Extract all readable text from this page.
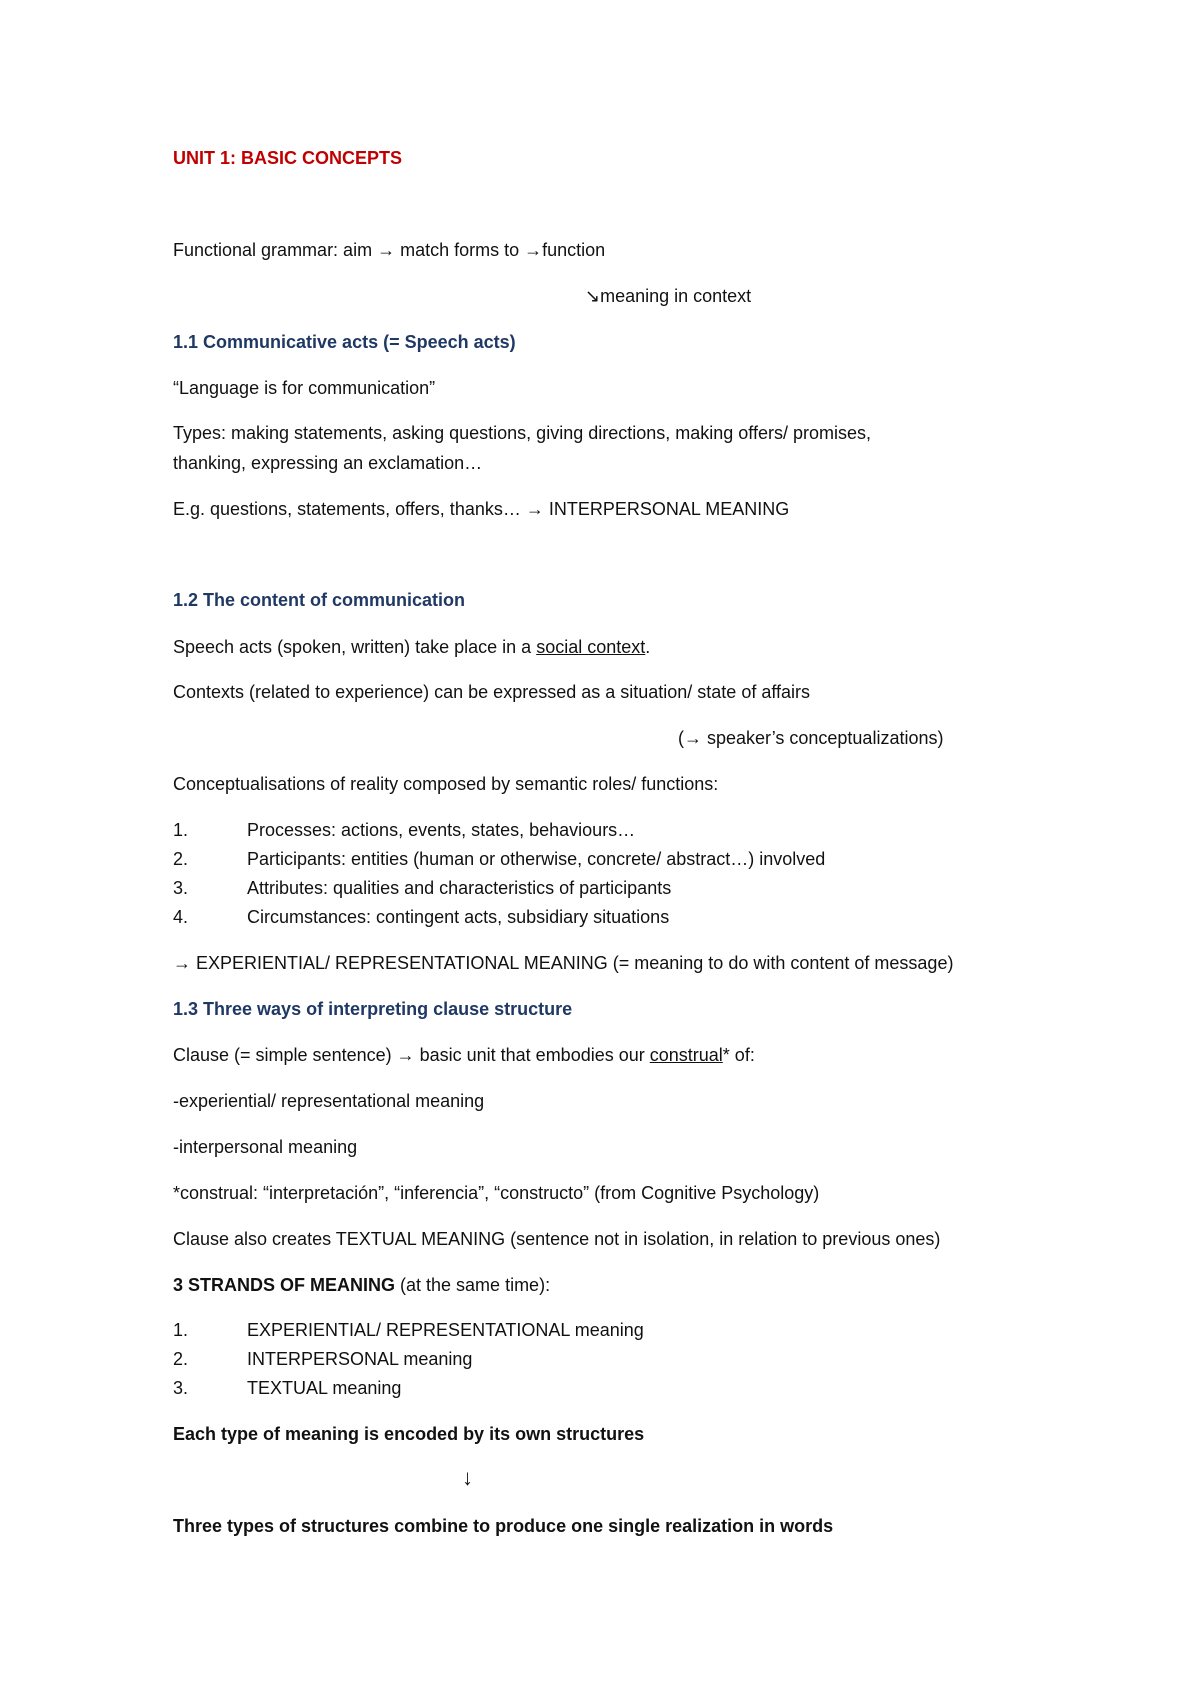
UNIT 1: BASIC CONCEPTS
Functional grammar: aim → match forms to →function
↘meaning in context
1.1 Communicative acts (= Speech acts)
“Language is for communication”
Types: making statements, asking questions, giving directions, making offers/ promises,
thanking, expressing an exclamation…
E.g. questions, statements, offers, thanks… → INTERPERSONAL MEANING
1.2 The content of communication
Speech acts (spoken, written) take place in a social context.
Contexts (related to experience) can be expressed as a situation/ state of affairs
(→ speaker’s conceptualizations)
Conceptualisations of reality composed by semantic roles/ functions:
1.	Processes: actions, events, states, behaviours…
2.	Participants: entities (human or otherwise, concrete/ abstract…) involved
3.	Attributes: qualities and characteristics of participants
4.	Circumstances: contingent acts, subsidiary situations
→ EXPERIENTIAL/ REPRESENTATIONAL MEANING (= meaning to do with content of message)
1.3 Three ways of interpreting clause structure
Clause (= simple sentence) → basic unit that embodies our construal* of:
-experiential/ representational meaning
-interpersonal meaning
*construal: “interpretación”, “inferencia”, “constructo” (from Cognitive Psychology)
Clause also creates TEXTUAL MEANING (sentence not in isolation, in relation to previous ones)
3 STRANDS OF MEANING (at the same time):
1.	EXPERIENTIAL/ REPRESENTATIONAL meaning
2.	INTERPERSONAL meaning
3.	TEXTUAL meaning
Each type of meaning is encoded by its own structures
↓
Three types of structures combine to produce one single realization in words
